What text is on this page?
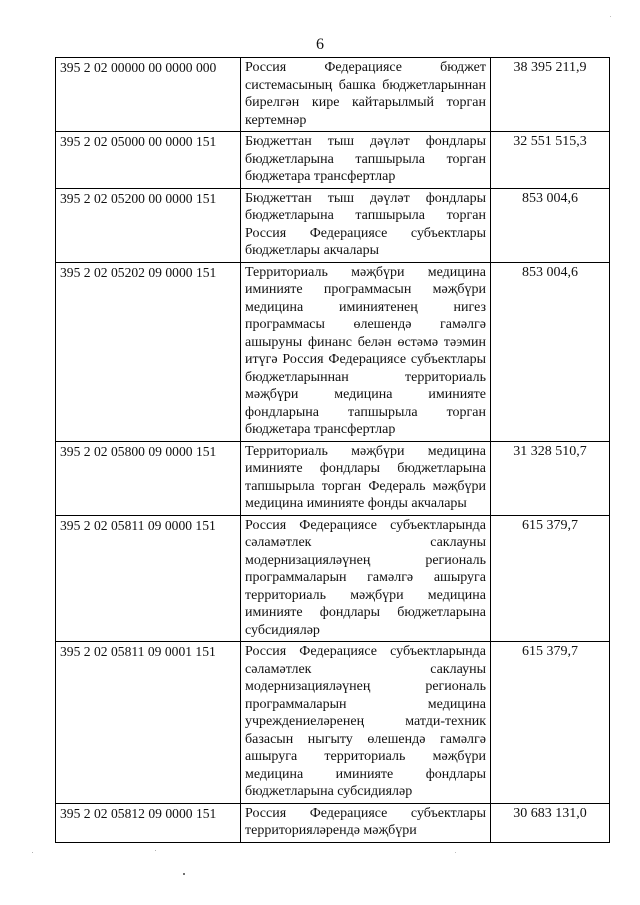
6
395 2 02 00000 00 0000 000	Россия Федерациясе бюджет системасының башка бюджетларыннан бирелгән кире кайтарылмый торган кертемнәр	38 395 211,9
395 2 02 05000 00 0000 151	Бюджеттан тыш дәүләт фондлары бюджетларына тапшырыла торган бюджетара трансфертлар	32 551 515,3
395 2 02 05200 00 0000 151	Бюджеттан тыш дәүләт фондлары бюджетларына тапшырыла торган Россия Федерациясе субъектлары бюджетлары акчалары	853 004,6
395 2 02 05202 09 0000 151	Территориаль мәҗбүри медицина иминияте программасын мәҗбүри медицина иминиятенең нигез программасы өлешендә гамәлгә ашыруны финанс белән өстәмә тәэмин итүгә Россия Федерациясе субъектлары бюджетларыннан территориаль мәҗбүри медицина иминияте фондларына тапшырыла торган бюджетара трансфертлар	853 004,6
395 2 02 05800 09 0000 151	Территориаль мәҗбүри медицина иминияте фондлары бюджетларына тапшырыла торган Федераль мәҗбүри медицина иминияте фонды акчалары	31 328 510,7
395 2 02 05811 09 0000 151	Россия Федерациясе субъектларында сәламәтлек саклауны модернизацияләүнең региональ программаларын гамәлгә ашыруга территориаль мәҗбүри медицина иминияте фондлары бюджетларына субсидияләр	615 379,7
395 2 02 05811 09 0001 151	Россия Федерациясе субъектларында сәламәтлек саклауны модернизацияләүнең региональ программаларын медицина учреждениеләренең матди-техник базасын ныгыту өлешендә гамәлгә ашыруга территориаль мәҗбүри медицина иминияте фондлары бюджетларына субсидияләр	615 379,7
395 2 02 05812 09 0000 151	Россия Федерациясе субъектлары территорияләрендә мәҗбүри	30 683 131,0
